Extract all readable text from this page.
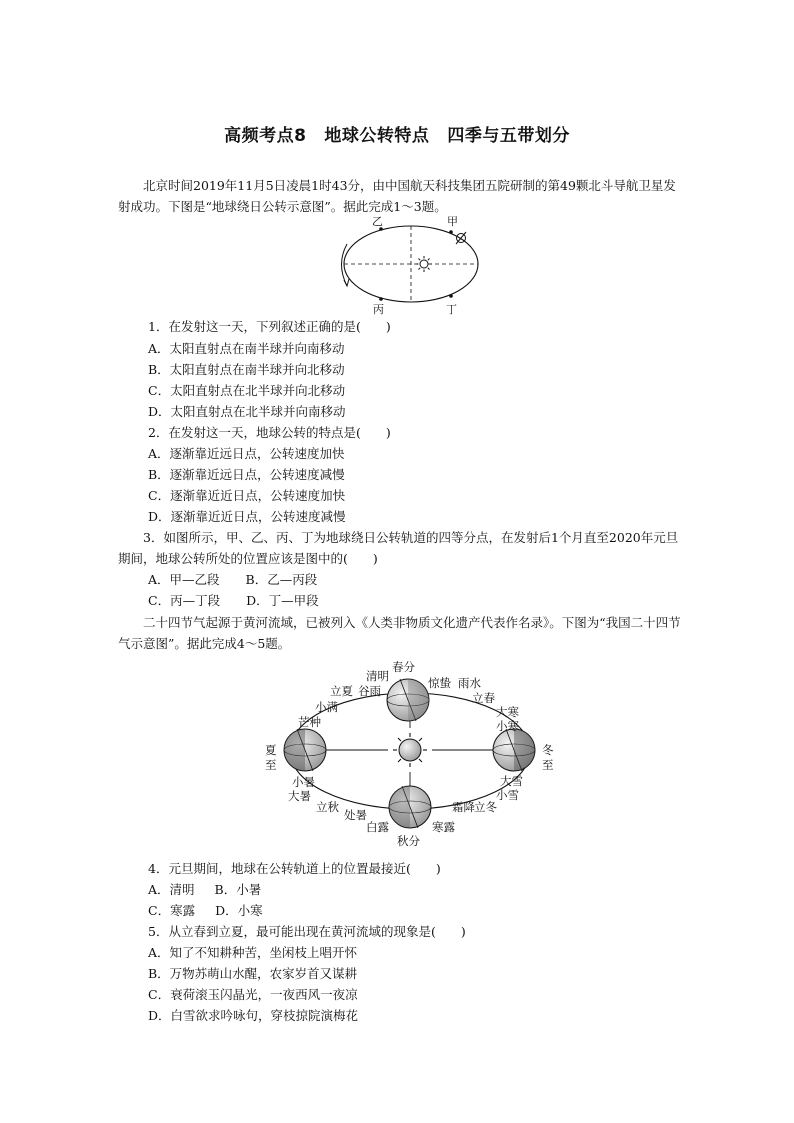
高频考点8 地球公转特点 四季与五带划分
北京时间2019年11月5日凌晨1时43分，由中国航天科技集团五院研制的第49颗北斗导航卫星发射成功。下图是“地球绕日公转示意图”。据此完成1～3题。
乙	甲
丙	丁
1．在发射这一天，下列叙述正确的是(　　)
A．太阳直射点在南半球并向南移动
B．太阳直射点在南半球并向北移动
C．太阳直射点在北半球并向北移动
D．太阳直射点在北半球并向南移动
2．在发射这一天，地球公转的特点是(　　)
A．逐渐靠近远日点，公转速度加快
B．逐渐靠近远日点，公转速度减慢
C．逐渐靠近近日点，公转速度加快
D．逐渐靠近近日点，公转速度减慢
3．如图所示，甲、乙、丙、丁为地球绕日公转轨道的四等分点，在发射后1个月直至2020年元旦期间，地球公转所处的位置应该是图中的(　　)
A．甲—乙段 B．乙—丙段
C．丙—丁段 D．丁—甲段
二十四节气起源于黄河流域，已被列入《人类非物质文化遗产代表作名录》。下图为“我国二十四节气示意图”。据此完成4～5题。
春分
清明	惊蛰 雨水
立春
立夏 谷雨
小满	大寒
小寒
芒种
夏
至
冬
至
小暑
大暑
立秋
处暑
白露
秋分
寒露
霜降 立冬
小雪
大雪
4．元旦期间，地球在公转轨道上的位置最接近(　　)
A．清明 B．小暑
C．寒露 D．小寒
5．从立春到立夏，最可能出现在黄河流域的现象是(　　)
A．知了不知耕种苦，坐闲枝上唱开怀
B．万物苏萌山水醒，农家岁首又谋耕
C．衰荷滚玉闪晶光，一夜西风一夜凉
D．白雪欲求吟咏句，穿枝掠院演梅花
